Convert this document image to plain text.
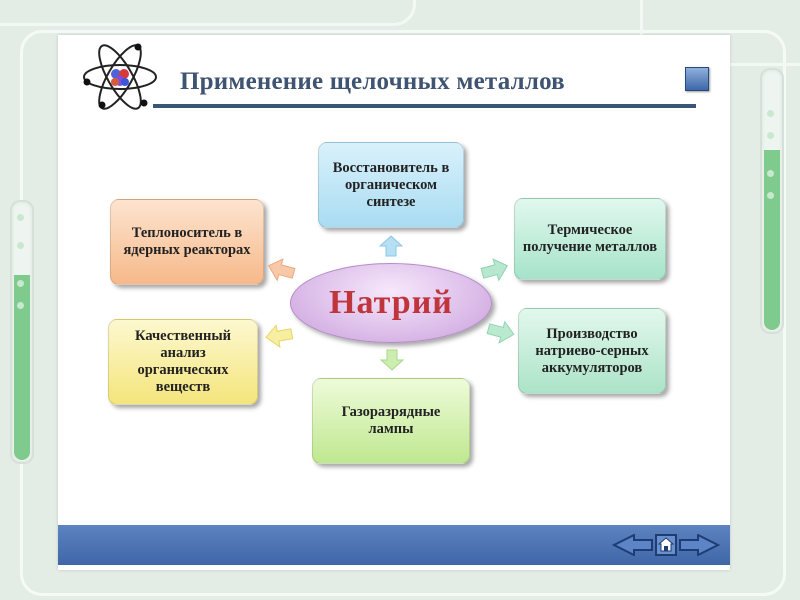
Применение щелочных металлов
Восстановитель в органическом синтезе
Теплоноситель в ядерных реакторах
Термическое получение металлов
Качественный анализ органических веществ
Производство натриево-серных аккумуляторов
Газоразрядные лампы
Натрий
